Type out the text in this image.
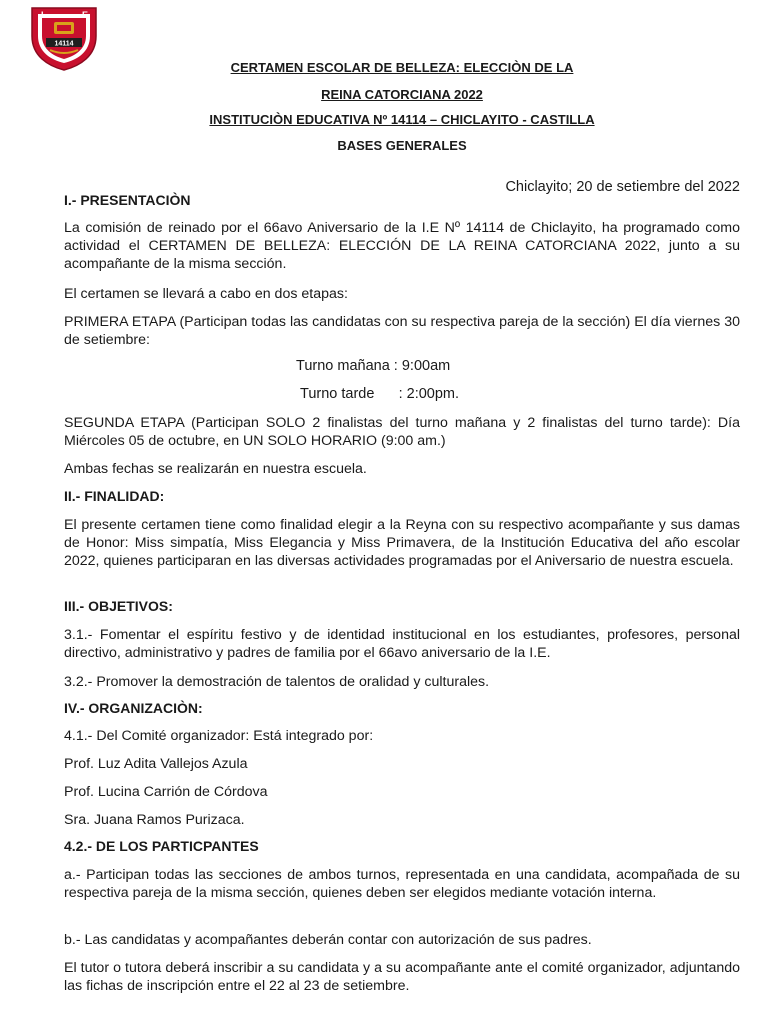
I	E
14114

CERTAMEN ESCOLAR DE BELLEZA: ELECCIÒN DE LA

REINA CATORCIANA 2022

INSTITUCIÒN EDUCATIVA Nº 14114 – CHICLAYITO - CASTILLA

BASES GENERALES

Chiclayito; 20 de setiembre del 2022

I.- PRESENTACIÒN

La comisión de reinado por el 66avo Aniversario de la I.E Nº 14114 de Chiclayito, ha programado como actividad el CERTAMEN DE BELLEZA: ELECCIÓN DE LA REINA CATORCIANA 2022, junto a su acompañante de la misma sección.

El certamen se llevará a cabo en dos etapas:

PRIMERA ETAPA (Participan todas las candidatas con su respectiva pareja de la sección) El día viernes 30 de setiembre:

Turno mañana : 9:00am

Turno tarde      : 2:00pm.

SEGUNDA ETAPA (Participan SOLO 2 finalistas del turno mañana y 2 finalistas del turno tarde): Día Miércoles 05 de octubre, en UN SOLO HORARIO (9:00 am.)

Ambas fechas se realizarán en nuestra escuela.

II.- FINALIDAD:

El presente certamen tiene como finalidad elegir a la Reyna con su respectivo acompañante y sus damas de Honor: Miss simpatía, Miss Elegancia y Miss Primavera, de la Institución Educativa del año escolar 2022, quienes participaran en las diversas actividades programadas por el Aniversario de nuestra escuela.

III.- OBJETIVOS:

3.1.- Fomentar el espíritu festivo y de identidad institucional en los estudiantes, profesores, personal directivo, administrativo y padres de familia por el 66avo aniversario de la I.E.

3.2.- Promover la demostración de talentos de oralidad y culturales.

IV.- ORGANIZACIÒN:

4.1.- Del Comité organizador: Está integrado por:

Prof. Luz Adita Vallejos Azula

Prof. Lucina Carrión de Córdova

Sra. Juana Ramos Purizaca.

4.2.- DE LOS PARTICPANTES

a.- Participan todas las secciones de ambos turnos, representada en una candidata, acompañada de su respectiva pareja de la misma sección, quienes deben ser elegidos mediante votación interna.

b.- Las candidatas y acompañantes deberán contar con autorización de sus padres.

El tutor o tutora deberá inscribir a su candidata y a su acompañante ante el comité organizador, adjuntando las fichas de inscripción entre el 22 al 23 de setiembre.
